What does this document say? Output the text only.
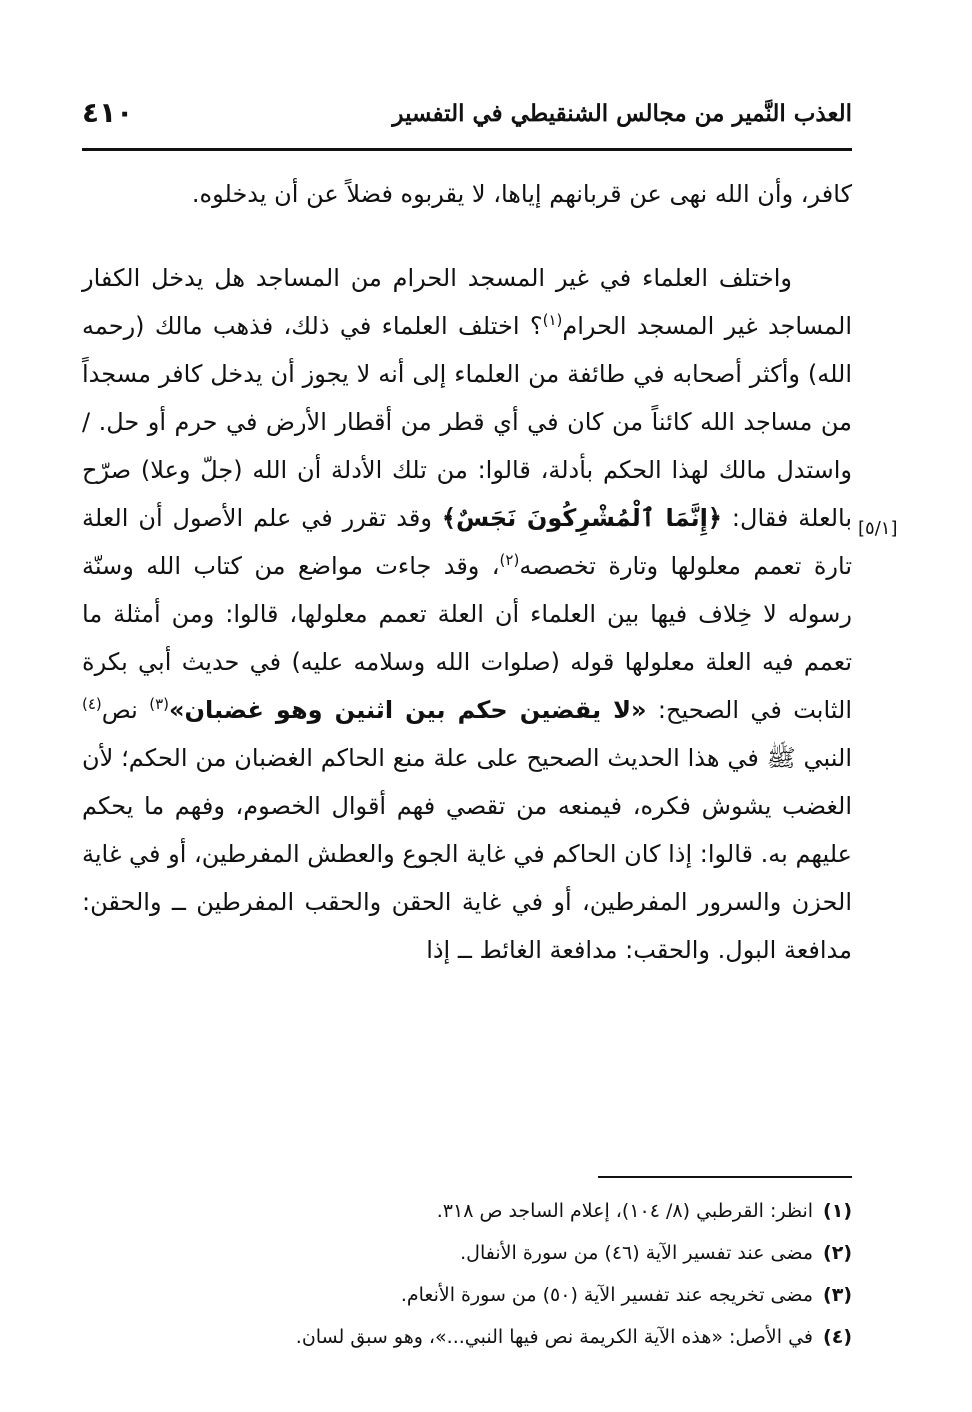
العذب النَّمير من مجالس الشنقيطي في التفسير
٤١٠
[٥/١]

كافر، وأن الله نهى عن قربانهم إياها، لا يقربوه فضلاً عن أن يدخلوه.

واختلف العلماء في غير المسجد الحرام من المساجد هل يدخل الكفار المساجد غير المسجد الحرام$^{(١)}$؟ اختلف العلماء في ذلك، فذهب مالك (رحمه الله) وأكثر أصحابه في طائفة من العلماء إلى أنه لا يجوز أن يدخل كافر مسجداً من مساجد الله كائناً من كان في أي قطر من أقطار الأرض في حرم أو حل. / واستدل مالك لهذا الحكم بأدلة، قالوا: من تلك الأدلة أن الله (جلّ وعلا) صرّح بالعلة فقال: ﴿إِنَّمَا ٱلْمُشْرِكُونَ نَجَسٌ﴾ وقد تقرر في علم الأصول أن العلة تارة تعمم معلولها وتارة تخصصه$^{(٢)}$، وقد جاءت مواضع من كتاب الله وسنّة رسوله لا خِلاف فيها بين العلماء أن العلة تعمم معلولها، قالوا: ومن أمثلة ما تعمم فيه العلة معلولها قوله (صلوات الله وسلامه عليه) في حديث أبي بكرة الثابت في الصحيح: «لا يقضين حكم بين اثنين وهو غضبان»$^{(٣)}$ نص$^{(٤)}$ النبي ﷺ في هذا الحديث الصحيح على علة منع الحاكم الغضبان من الحكم؛ لأن الغضب يشوش فكره، فيمنعه من تقصي فهم أقوال الخصوم، وفهم ما يحكم عليهم به. قالوا: إذا كان الحاكم في غاية الجوع والعطش المفرطين، أو في غاية الحزن والسرور المفرطين، أو في غاية الحقن والحقب المفرطين ــ والحقن: مدافعة البول. والحقب: مدافعة الغائط ــ إذا

(١)انظر: القرطبي (٨/ ١٠٤)، إعلام الساجد ص ٣١٨.
(٢)مضى عند تفسير الآية (٤٦) من سورة الأنفال.
(٣)مضى تخريجه عند تفسير الآية (٥٠) من سورة الأنعام.
(٤)في الأصل: «هذه الآية الكريمة نص فيها النبي...»، وهو سبق لسان.
